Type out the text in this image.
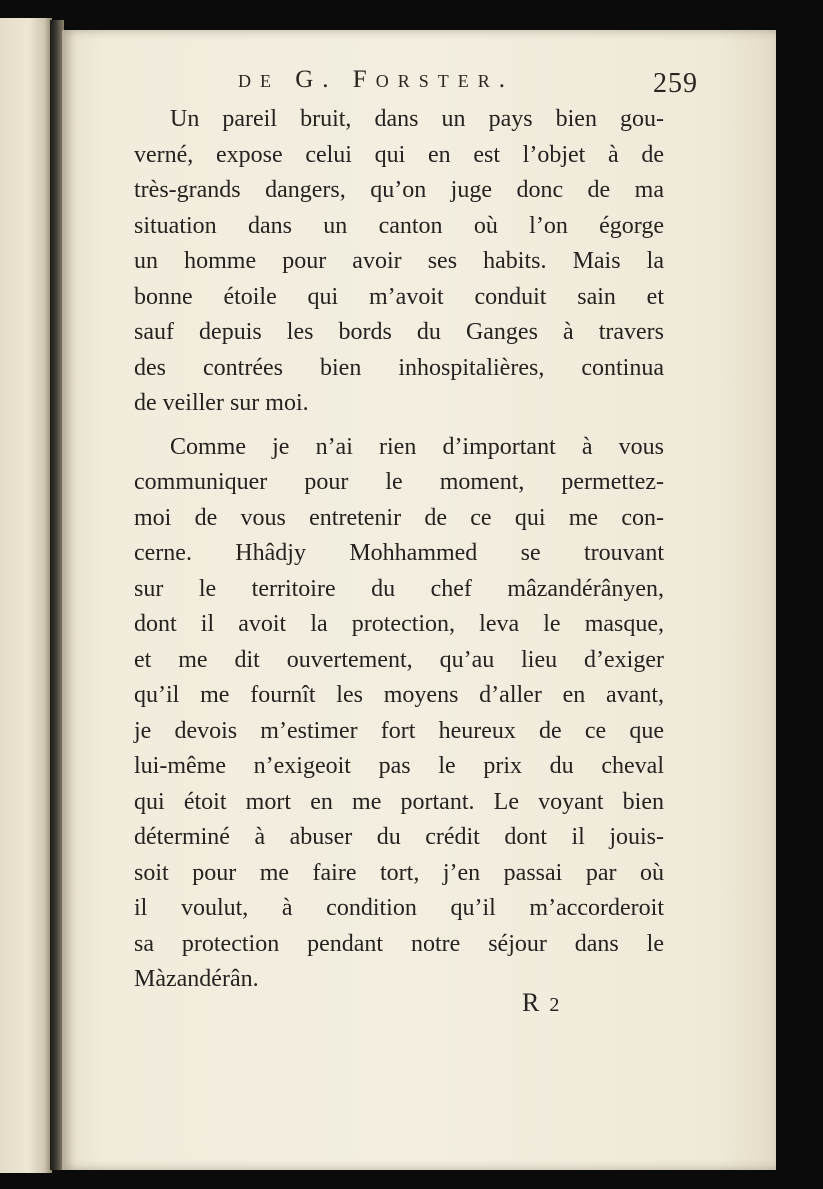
de G. Forster.	259
Un pareil bruit, dans un pays bien gou-
verné, expose celui qui en est l’objet à de
très-grands dangers, qu’on juge donc de ma
situation dans un canton où l’on égorge
un homme pour avoir ses habits. Mais la
bonne étoile qui m’avoit conduit sain et
sauf depuis les bords du Ganges à travers
des contrées bien inhospitalières, continua
de veiller sur moi.
Comme je n’ai rien d’important à vous
communiquer pour le moment, permettez-
moi de vous entretenir de ce qui me con-
cerne. Hhâdjy Mohhammed se trouvant
sur le territoire du chef mâzandérânyen,
dont il avoit la protection, leva le masque,
et me dit ouvertement, qu’au lieu d’exiger
qu’il me fournît les moyens d’aller en avant,
je devois m’estimer fort heureux de ce que
lui-même n’exigeoit pas le prix du cheval
qui étoit mort en me portant. Le voyant bien
déterminé à abuser du crédit dont il jouis-
soit pour me faire tort, j’en passai par où
il voulut, à condition qu’il m’accorderoit
sa protection pendant notre séjour dans le
Màzandérân.
R 2
